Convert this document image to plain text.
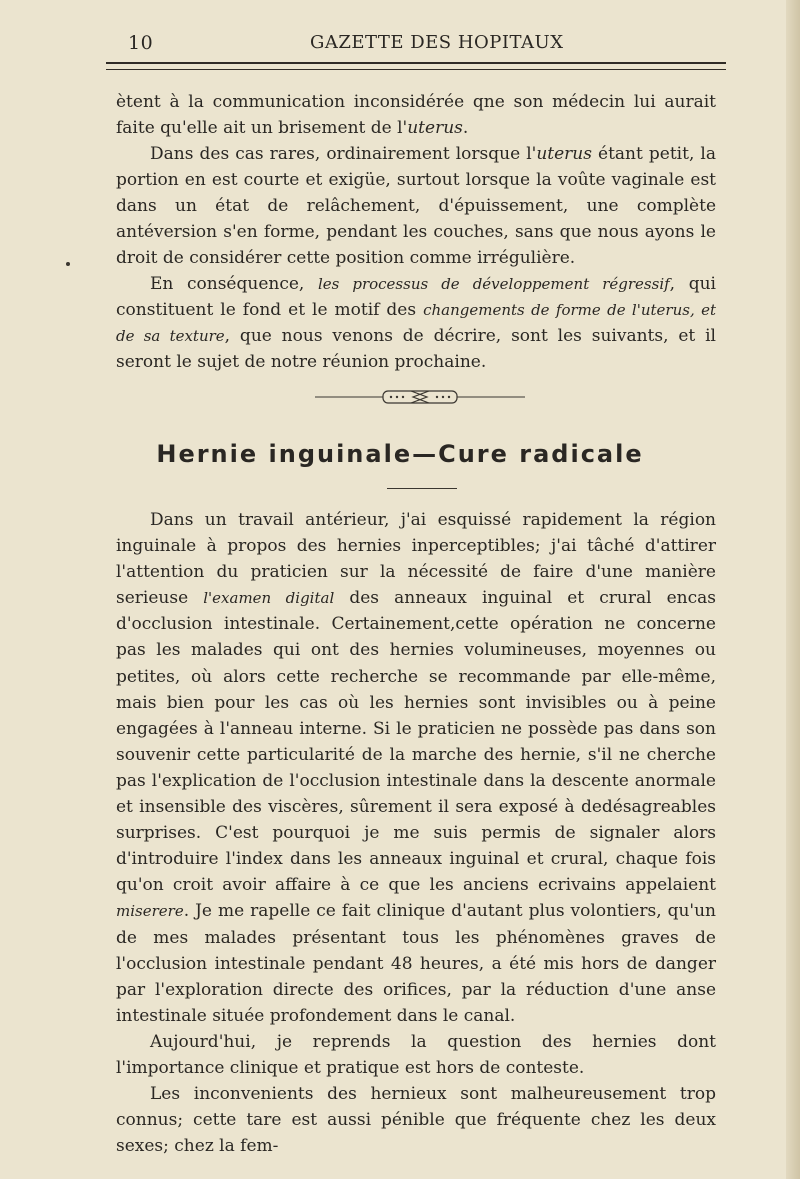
10	GAZETTE DES HOPITAUX

ètent à la communication inconsidérée qne son médecin lui aurait faite qu'elle ait un brisement de l'uterus.

Dans des cas rares, ordinairement lorsque l'uterus étant petit, la portion en est courte et exigüe, surtout lorsque la voûte vaginale est dans un état de relâchement, d'épuissement, une complète antéversion s'en forme, pendant les couches, sans que nous ayons le droit de considérer cette position comme irrégulière.

En conséquence, les processus de développement régressif, qui constituent le fond et le motif des changements de forme de l'uterus, et de sa texture, que nous venons de décrire, sont les suivants, et il seront le sujet de notre réunion prochaine.

Hernie inguinale—Cure radicale

Dans un travail antérieur, j'ai esquissé rapidement la région inguinale à propos des hernies inperceptibles; j'ai tâché d'attirer l'attention du praticien sur la nécessité de faire d'une manière serieuse l'examen digital des anneaux inguinal et crural encas d'occlusion intestinale. Certainement,cette opération ne concerne pas les malades qui ont des hernies volumineuses, moyennes ou petites, où alors cette recherche se recommande par elle-même, mais bien pour les cas où les hernies sont invisibles ou à peine engagées à l'anneau interne. Si le praticien ne possède pas dans son souvenir cette particularité de la marche des hernie, s'il ne cherche pas l'explication de l'occlusion intestinale dans la descente anormale et insensible des viscères, sûrement il sera exposé à dedésagreables surprises. C'est pourquoi je me suis permis de signaler alors d'introduire l'index dans les anneaux inguinal et crural, chaque fois qu'on croit avoir affaire à ce que les anciens ecrivains appelaient miserere. Je me rapelle ce fait clinique d'autant plus volontiers, qu'un de mes malades présentant tous les phénomènes graves de l'occlusion intestinale pendant 48 heures, a été mis hors de danger par l'exploration directe des orifices, par la réduction d'une anse intestinale située profondement dans le canal.

Aujourd'hui, je reprends la question des hernies dont l'importance clinique et pratique est hors de conteste.

Les inconvenients des hernieux sont malheureusement trop connus; cette tare est aussi pénible que fréquente chez les deux sexes; chez la fem-
